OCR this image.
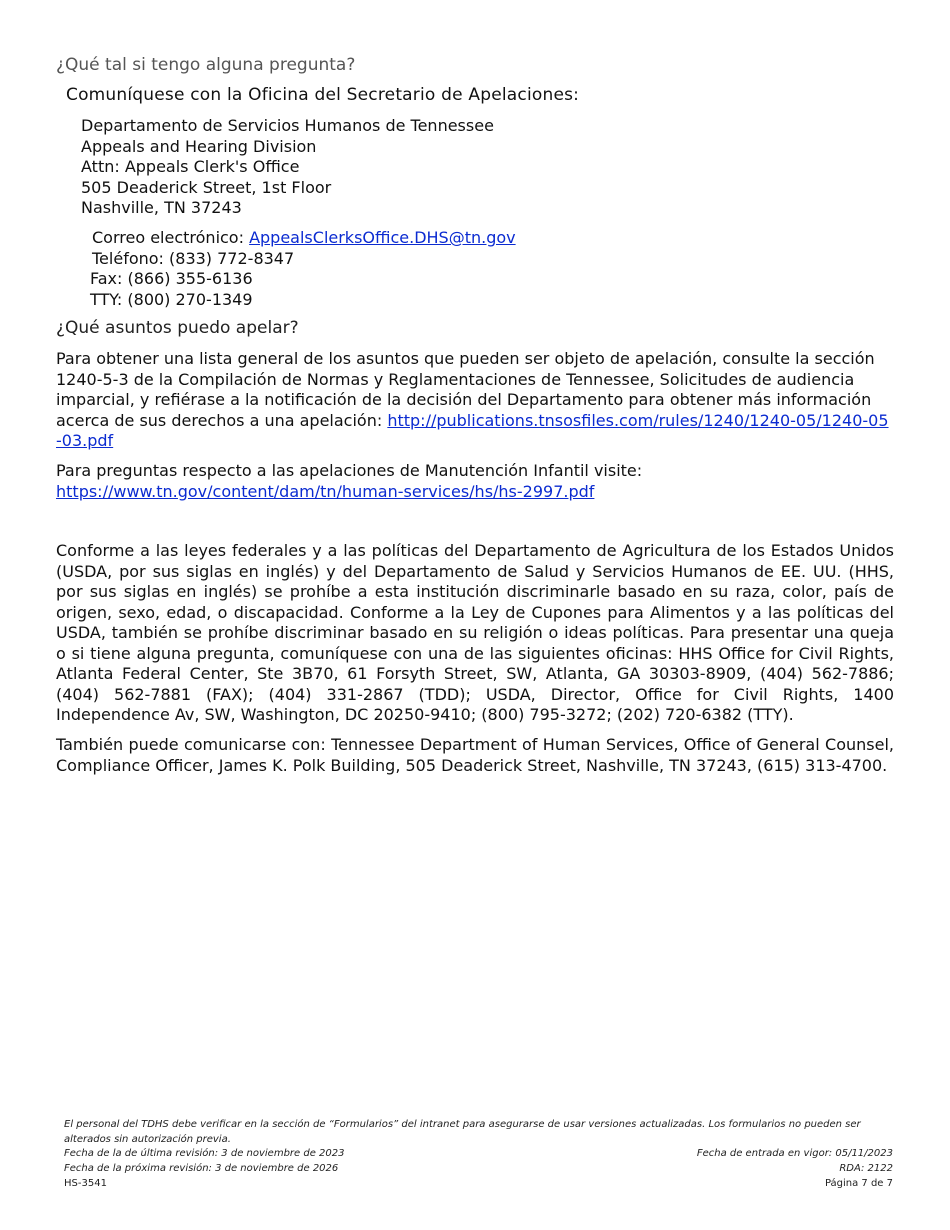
¿Qué tal si tengo alguna pregunta?
Comuníquese con la Oficina del Secretario de Apelaciones:
Departamento de Servicios Humanos de Tennessee
Appeals and Hearing Division
Attn: Appeals Clerk's Office
505 Deaderick Street, 1st Floor
Nashville, TN 37243
Correo electrónico: AppealsClerksOffice.DHS@tn.gov
Teléfono: (833) 772-8347
Fax: (866) 355-6136
TTY: (800) 270-1349
¿Qué asuntos puedo apelar?
Para obtener una lista general de los asuntos que pueden ser objeto de apelación, consulte la sección 1240-5-3 de la Compilación de Normas y Reglamentaciones de Tennessee, Solicitudes de audiencia imparcial, y refiérase a la notificación de la decisión del Departamento para obtener más información acerca de sus derechos a una apelación: http://publications.tnsosfiles.com/rules/1240/1240-05/1240-05-03.pdf
Para preguntas respecto a las apelaciones de Manutención Infantil visite:
https://www.tn.gov/content/dam/tn/human-services/hs/hs-2997.pdf
Conforme a las leyes federales y a las políticas del Departamento de Agricultura de los Estados Unidos (USDA, por sus siglas en inglés) y del Departamento de Salud y Servicios Humanos de EE. UU. (HHS, por sus siglas en inglés) se prohíbe a esta institución discriminarle basado en su raza, color, país de origen, sexo, edad, o discapacidad. Conforme a la Ley de Cupones para Alimentos y a las políticas del USDA, también se prohíbe discriminar basado en su religión o ideas políticas. Para presentar una queja o si tiene alguna pregunta, comuníquese con una de las siguientes oficinas: HHS Office for Civil Rights, Atlanta Federal Center, Ste 3B70, 61 Forsyth Street, SW, Atlanta, GA 30303-8909, (404) 562-7886; (404) 562-7881 (FAX); (404) 331-2867 (TDD); USDA, Director, Office for Civil Rights, 1400 Independence Av, SW, Washington, DC 20250-9410; (800) 795-3272; (202) 720-6382 (TTY).
También puede comunicarse con: Tennessee Department of Human Services, Office of General Counsel, Compliance Officer, James K. Polk Building, 505 Deaderick Street, Nashville, TN 37243, (615) 313-4700.
El personal del TDHS debe verificar en la sección de “Formularios” del intranet para asegurarse de usar versiones actualizadas. Los formularios no pueden ser alterados sin autorización previa.
Fecha de la de última revisión: 3 de noviembre de 2023	Fecha de entrada en vigor: 05/11/2023
Fecha de la próxima revisión: 3 de noviembre de 2026	RDA: 2122
HS-3541	Página 7 de 7
